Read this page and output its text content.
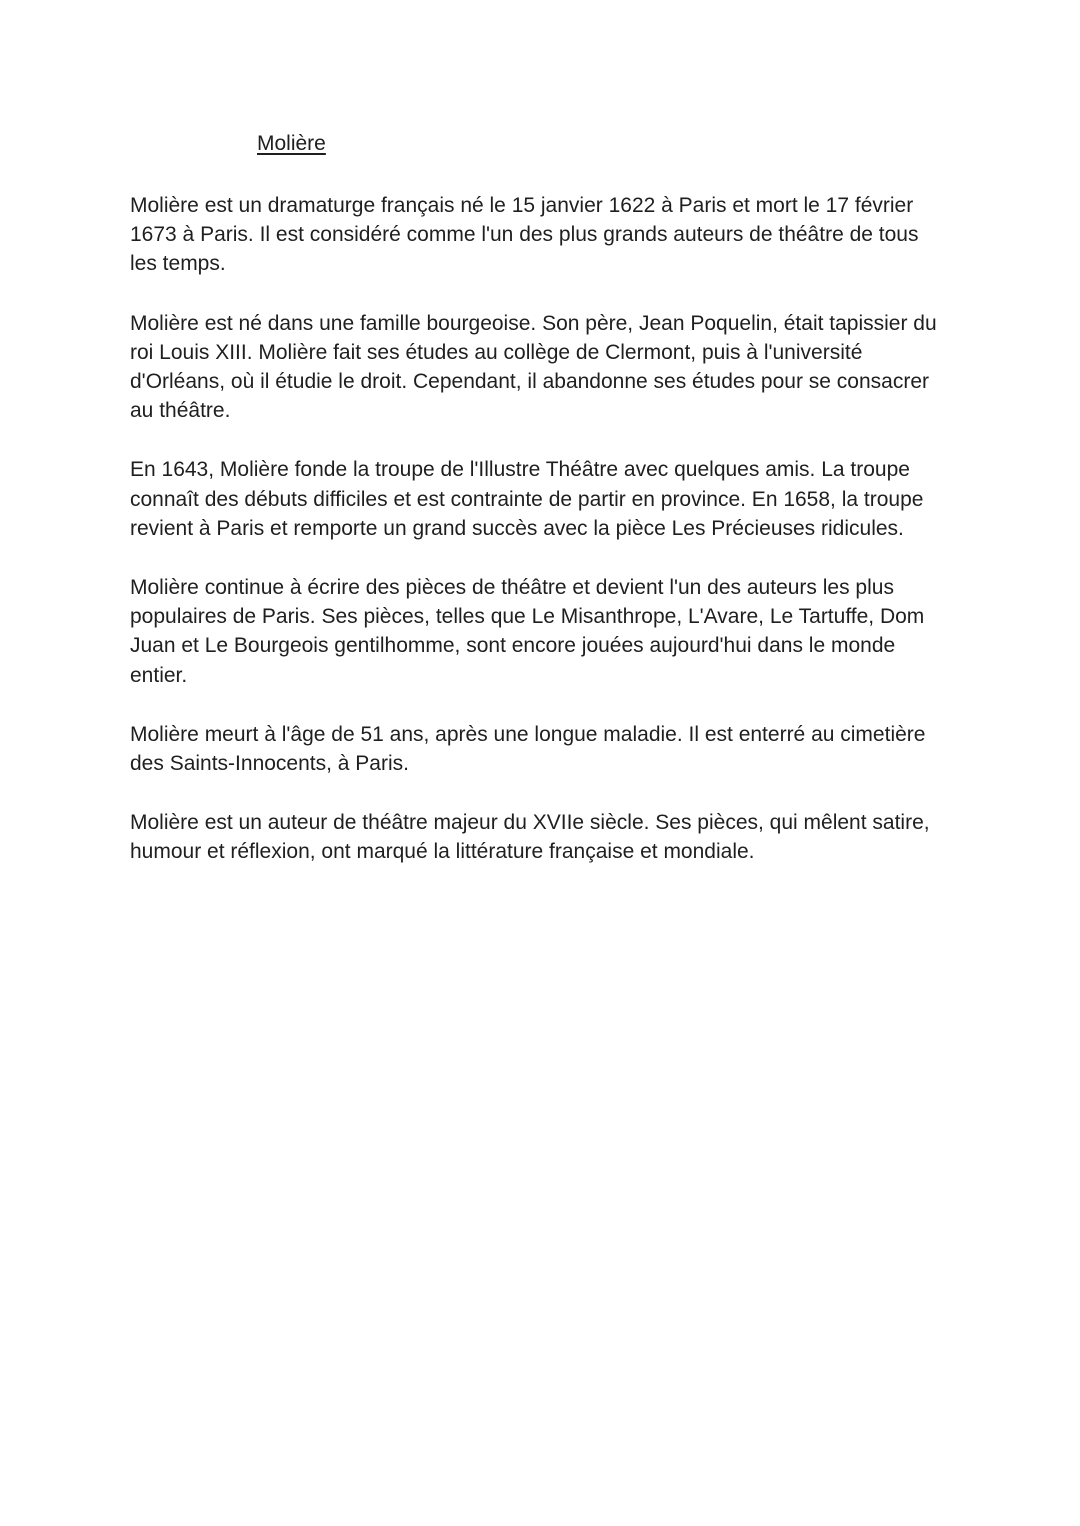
Molière

Molière est un dramaturge français né le 15 janvier 1622 à Paris et mort le 17 février 1673 à Paris. Il est considéré comme l'un des plus grands auteurs de théâtre de tous les temps.

Molière est né dans une famille bourgeoise. Son père, Jean Poquelin, était tapissier du roi Louis XIII. Molière fait ses études au collège de Clermont, puis à l'université d'Orléans, où il étudie le droit. Cependant, il abandonne ses études pour se consacrer au théâtre.

En 1643, Molière fonde la troupe de l'Illustre Théâtre avec quelques amis. La troupe connaît des débuts difficiles et est contrainte de partir en province. En 1658, la troupe revient à Paris et remporte un grand succès avec la pièce Les Précieuses ridicules.

Molière continue à écrire des pièces de théâtre et devient l'un des auteurs les plus populaires de Paris. Ses pièces, telles que Le Misanthrope, L'Avare, Le Tartuffe, Dom Juan et Le Bourgeois gentilhomme, sont encore jouées aujourd'hui dans le monde entier.

Molière meurt à l'âge de 51 ans, après une longue maladie. Il est enterré au cimetière des Saints-Innocents, à Paris.

Molière est un auteur de théâtre majeur du XVIIe siècle. Ses pièces, qui mêlent satire, humour et réflexion, ont marqué la littérature française et mondiale.
